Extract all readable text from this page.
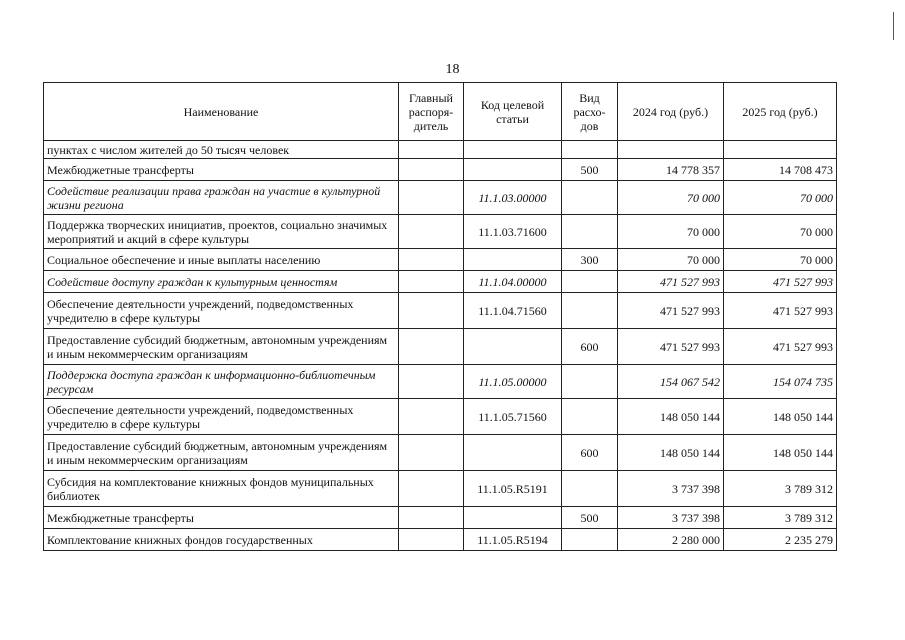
18
Наименование	Главный распоря-дитель	Код целевой статьи	Вид расхо-дов	2024 год (руб.)	2025 год (руб.)
пунктах с числом жителей до 50 тысяч человек					
Межбюджетные трансферты			500	14 778 357	14 708 473
Содействие реализации права граждан на участие в культурной жизни региона		11.1.03.00000		70 000	70 000
Поддержка творческих инициатив, проектов, социально значимых мероприятий и акций в сфере культуры		11.1.03.71600		70 000	70 000
Социальное обеспечение и иные выплаты населению			300	70 000	70 000
Содействие доступу граждан к культурным ценностям		11.1.04.00000		471 527 993	471 527 993
Обеспечение деятельности учреждений, подведомственных учредителю в сфере культуры		11.1.04.71560		471 527 993	471 527 993
Предоставление субсидий бюджетным, автономным учреждениям и иным некоммерческим организациям			600	471 527 993	471 527 993
Поддержка доступа граждан к информационно-библиотечным ресурсам		11.1.05.00000		154 067 542	154 074 735
Обеспечение деятельности учреждений, подведомственных учредителю в сфере культуры		11.1.05.71560		148 050 144	148 050 144
Предоставление субсидий бюджетным, автономным учреждениям и иным некоммерческим организациям			600	148 050 144	148 050 144
Субсидия на комплектование книжных фондов муниципальных библиотек		11.1.05.R5191		3 737 398	3 789 312
Межбюджетные трансферты			500	3 737 398	3 789 312
Комплектование книжных фондов государственных		11.1.05.R5194		2 280 000	2 235 279
